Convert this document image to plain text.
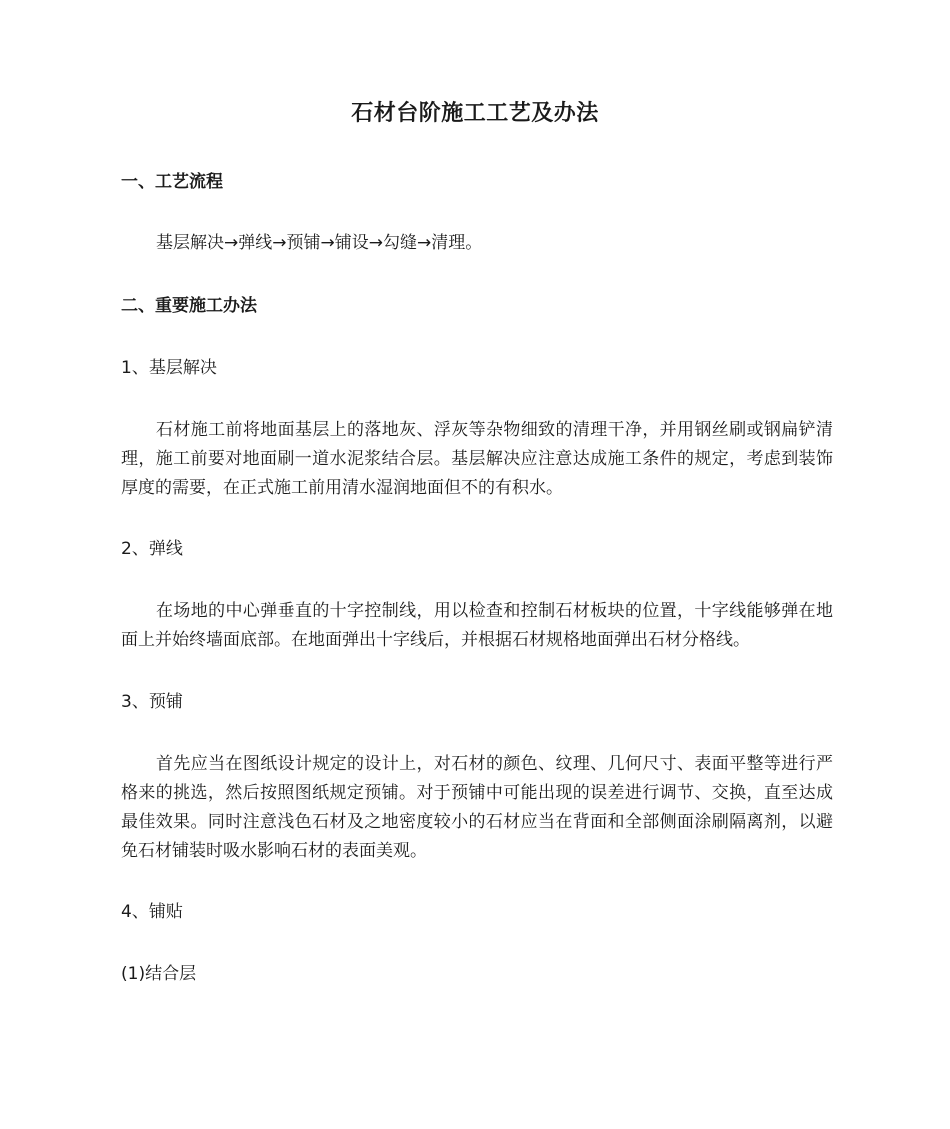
石材台阶施工工艺及办法
一、工艺流程

基层解决→弹线→预铺→铺设→勾缝→清理。

二、重要施工办法
1、基层解决

石材施工前将地面基层上的落地灰、浮灰等杂物细致的清理干净，并用钢丝刷或钢扁铲清理，施工前要对地面刷一道水泥浆结合层。基层解决应注意达成施工条件的规定，考虑到装饰厚度的需要，在正式施工前用清水湿润地面但不的有积水。

2、弹线

在场地的中心弹垂直的十字控制线，用以检查和控制石材板块的位置，十字线能够弹在地面上并始终墙面底部。在地面弹出十字线后，并根据石材规格地面弹出石材分格线。

3、预铺

首先应当在图纸设计规定的设计上，对石材的颜色、纹理、几何尺寸、表面平整等进行严格来的挑选，然后按照图纸规定预铺。对于预铺中可能出现的误差进行调节、交换，直至达成最佳效果。同时注意浅色石材及之地密度较小的石材应当在背面和全部侧面涂刷隔离剂，以避免石材铺装时吸水影响石材的表面美观。

4、铺贴
(1)结合层
